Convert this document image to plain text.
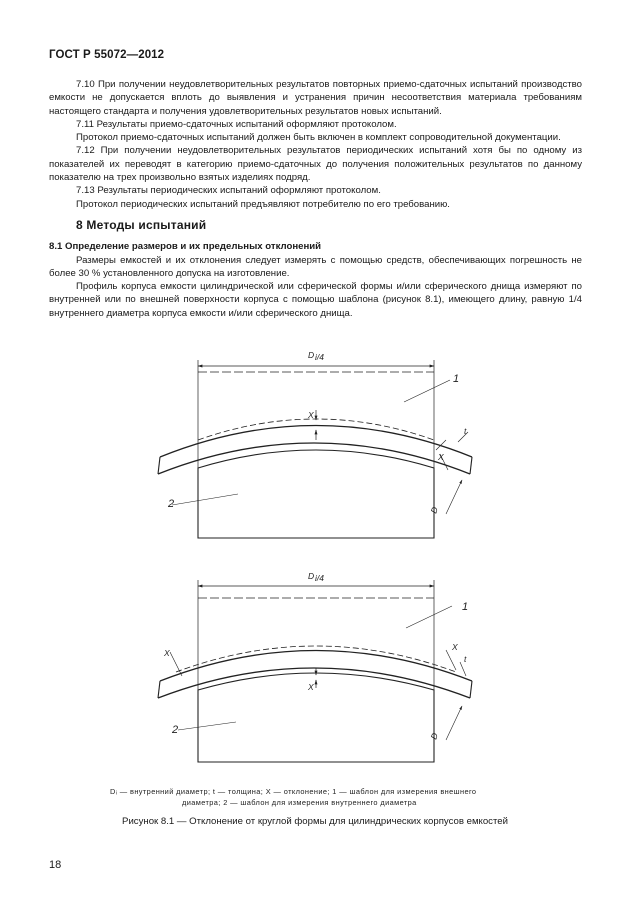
ГОСТ Р 55072—2012

7.10 При получении неудовлетворительных результатов повторных приемо-сдаточных испытаний производство емкости не допускается вплоть до выявления и устранения причин несоответствия материала требованиям настоящего стандарта и получения удовлетворительных результатов новых испытаний.

7.11 Результаты приемо-сдаточных испытаний оформляют протоколом.

Протокол приемо-сдаточных испытаний должен быть включен в комплект сопроводительной документации.

7.12 При получении неудовлетворительных результатов периодических испытаний хотя бы по одному из показателей их переводят в категорию приемо-сдаточных до получения положительных результатов по данному показателю на трех произвольно взятых изделиях подряд.

7.13 Результаты периодических испытаний оформляют протоколом.

Протокол периодических испытаний предъявляют потребителю по его требованию.

8 Методы испытаний

8.1 Определение размеров и их предельных отклонений

Размеры емкостей и их отклонения следует измерять с помощью средств, обеспечивающих погрешность не более 30 % установленного допуска на изготовление.

Профиль корпуса емкости цилиндрической или сферической формы и/или сферического днища измеряют по внутренней или по внешней поверхности корпуса с помощью шаблона (рисунок 8.1), имеющего длину, равную 1/4 внутреннего диаметра корпуса емкости и/или сферического днища.

D i/4
1
2
X
t
X
D
D i/4
1
2
X
X
t
X
D
Dᵢ — внутренний диаметр; t — толщина; X — отклонение; 1 — шаблон для измерения внешнего
диаметра; 2 — шаблон для измерения внутреннего диаметра
Рисунок 8.1 — Отклонение от круглой формы для цилиндрических корпусов емкостей
18
